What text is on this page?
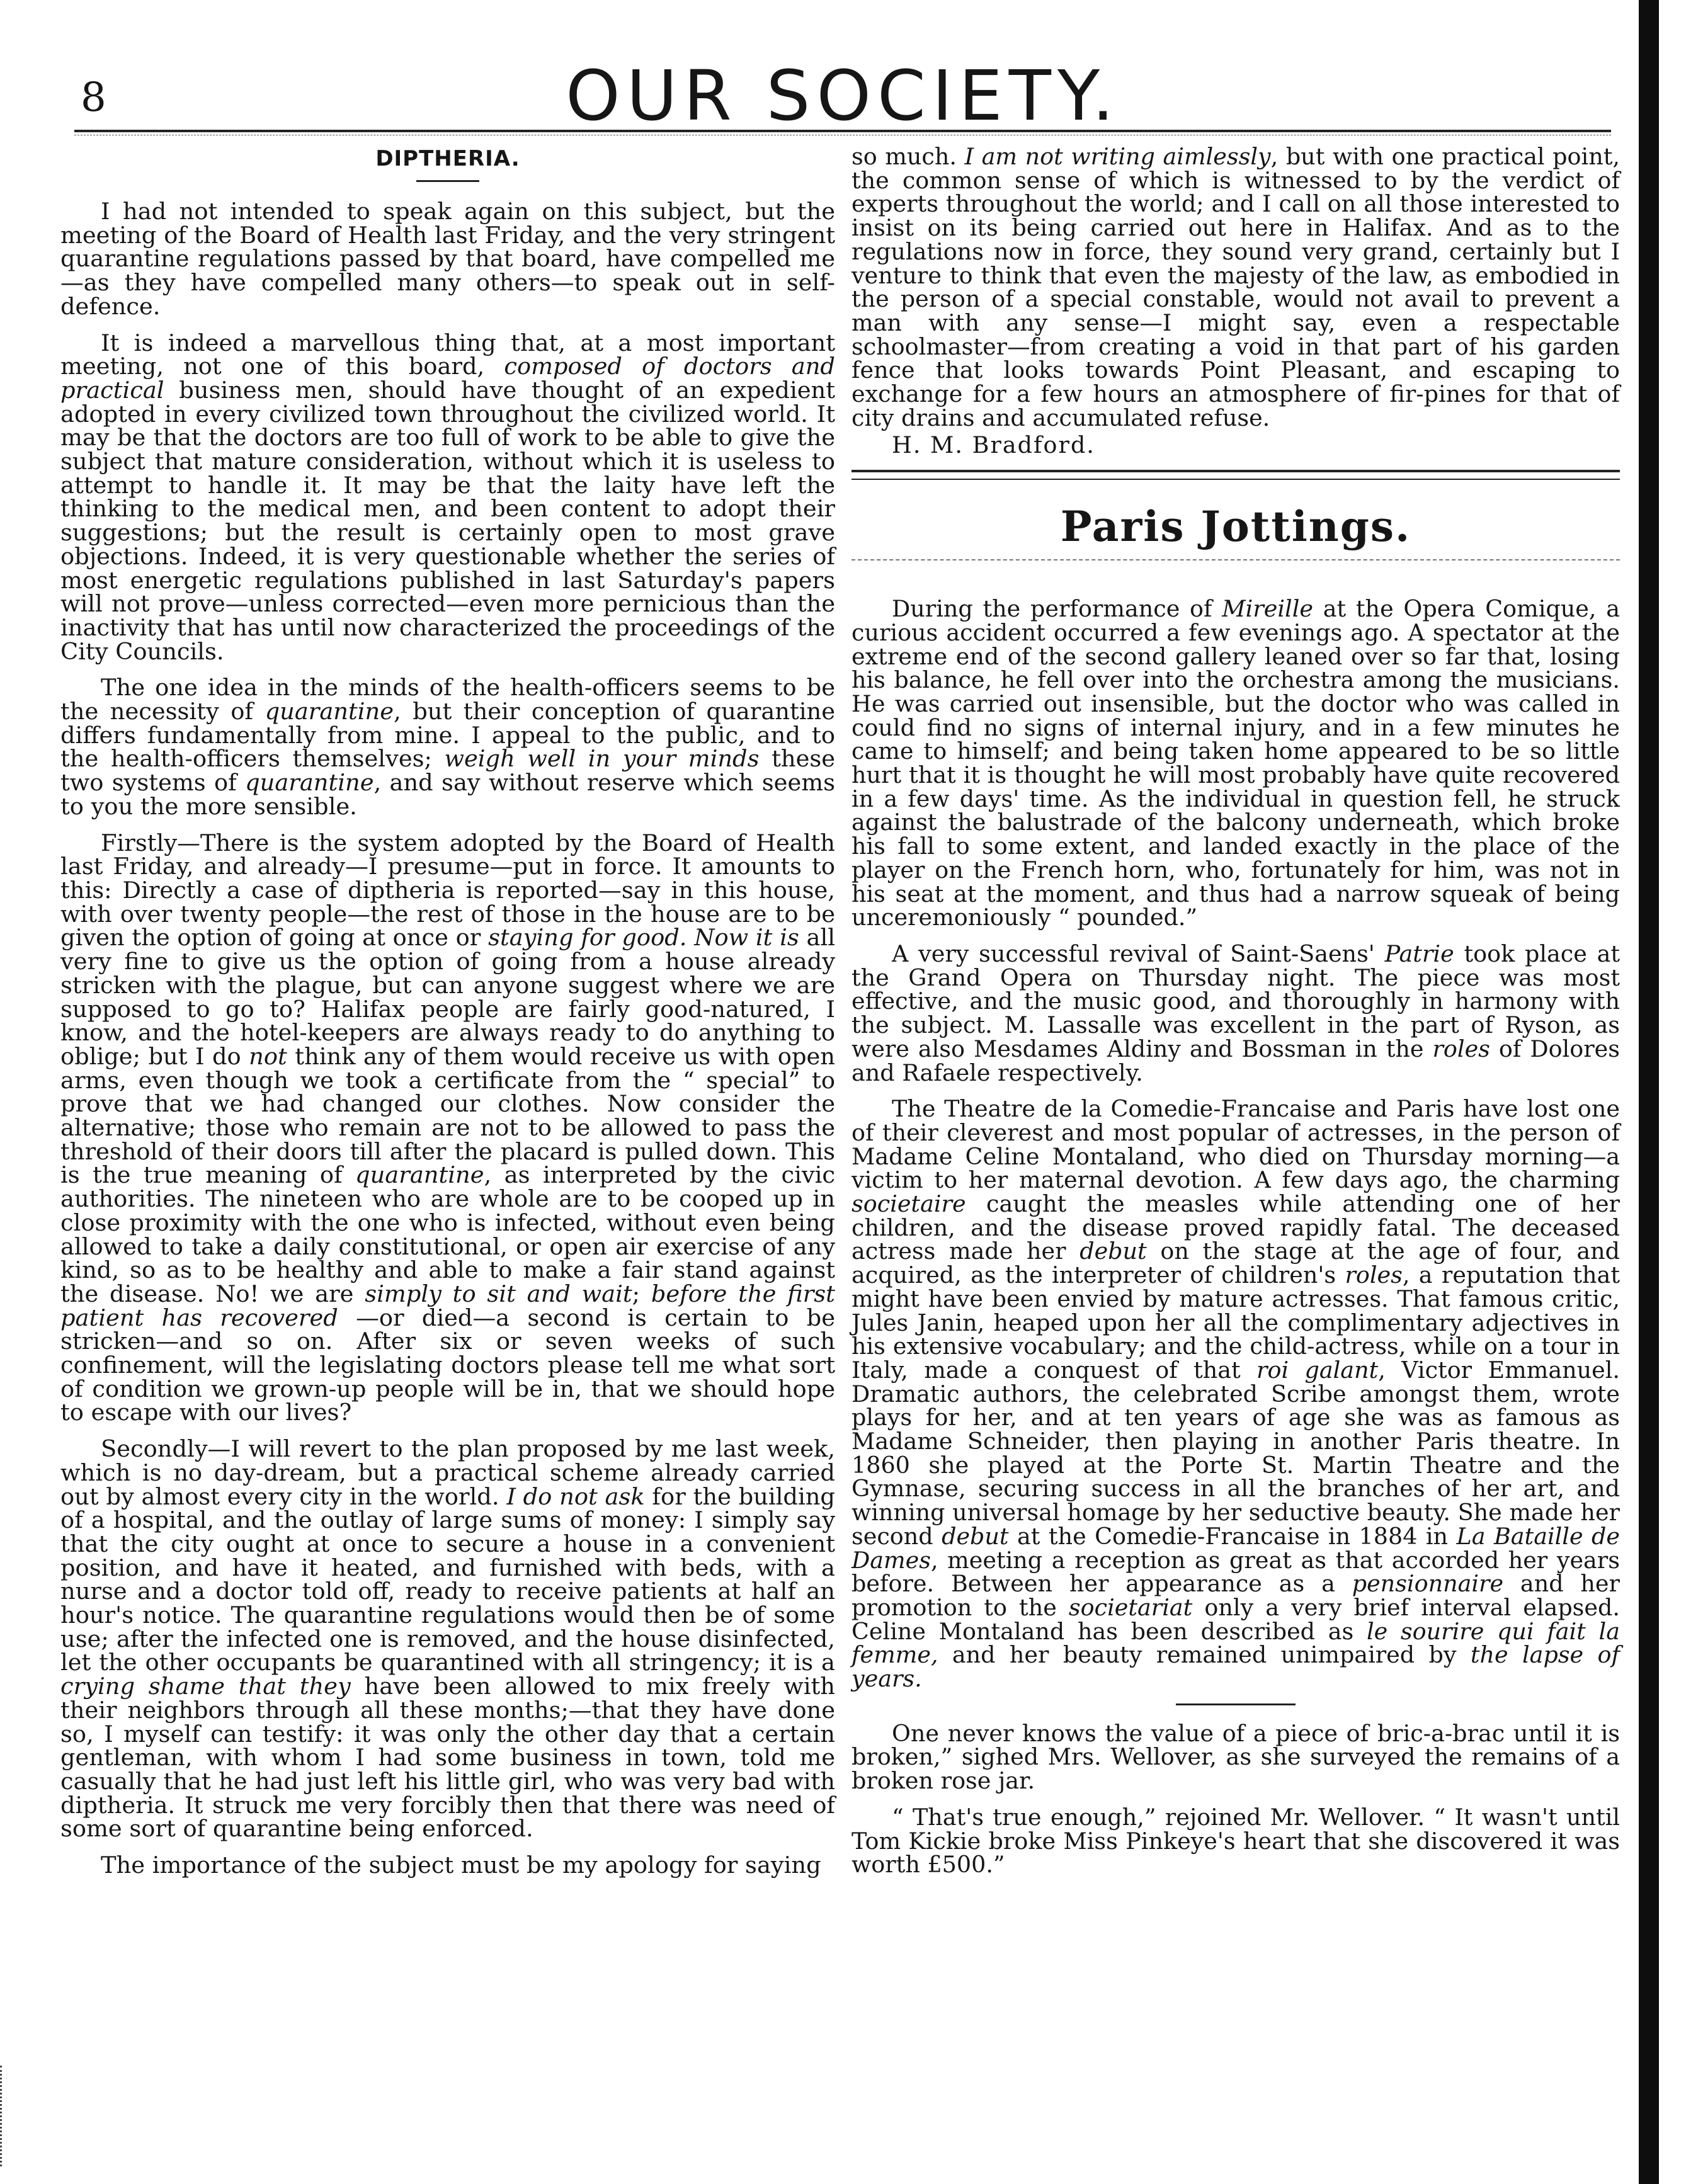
8	OUR SOCIETY.
DIPTHERIA.

I had not intended to speak again on this subject, but the meeting of the Board of Health last Friday, and the very stringent quarantine regulations passed by that board, have compelled me—as they have compelled many others—to speak out in self-defence.

It is indeed a marvellous thing that, at a most important meeting, not one of this board, composed of doctors and practical business men, should have thought of an expedient adopted in every civilized town throughout the civilized world. It may be that the doctors are too full of work to be able to give the subject that mature consideration, without which it is useless to attempt to handle it. It may be that the laity have left the thinking to the medical men, and been content to adopt their suggestions; but the result is certainly open to most grave objections. Indeed, it is very questionable whether the series of most energetic regulations published in last Saturday's papers will not prove—unless corrected—even more pernicious than the inactivity that has until now characterized the proceedings of the City Councils.

The one idea in the minds of the health-officers seems to be the necessity of quarantine, but their conception of quarantine differs fundamentally from mine. I appeal to the public, and to the health-officers themselves; weigh well in your minds these two systems of quarantine, and say without reserve which seems to you the more sensible.

Firstly—There is the system adopted by the Board of Health last Friday, and already—I presume—put in force. It amounts to this: Directly a case of diptheria is reported—say in this house, with over twenty people—the rest of those in the house are to be given the option of going at once or staying for good. Now it is all very fine to give us the option of going from a house already stricken with the plague, but can anyone suggest where we are supposed to go to? Halifax people are fairly good-natured, I know, and the hotel-keepers are always ready to do anything to oblige; but I do not think any of them would receive us with open arms, even though we took a certificate from the “ special” to prove that we had changed our clothes. Now consider the alternative; those who remain are not to be allowed to pass the threshold of their doors till after the placard is pulled down. This is the true meaning of quarantine, as interpreted by the civic authorities. The nineteen who are whole are to be cooped up in close proximity with the one who is infected, without even being allowed to take a daily constitutional, or open air exercise of any kind, so as to be healthy and able to make a fair stand against the disease. No! we are simply to sit and wait; before the first patient has recovered —or died—a second is certain to be stricken—and so on. After six or seven weeks of such confinement, will the legislating doctors please tell me what sort of condition we grown-up people will be in, that we should hope to escape with our lives?

Secondly—I will revert to the plan proposed by me last week, which is no day-dream, but a practical scheme already carried out by almost every city in the world. I do not ask for the building of a hospital, and the outlay of large sums of money: I simply say that the city ought at once to secure a house in a convenient position, and have it heated, and furnished with beds, with a nurse and a doctor told off, ready to receive patients at half an hour's notice. The quarantine regulations would then be of some use; after the infected one is removed, and the house disinfected, let the other occupants be quarantined with all stringency; it is a crying shame that they have been allowed to mix freely with their neighbors through all these months;—that they have done so, I myself can testify: it was only the other day that a certain gentleman, with whom I had some business in town, told me casually that he had just left his little girl, who was very bad with diptheria. It struck me very forcibly then that there was need of some sort of quarantine being enforced.

The importance of the subject must be my apology for saying

so much. I am not writing aimlessly, but with one practical point, the common sense of which is witnessed to by the verdict of experts throughout the world; and I call on all those interested to insist on its being carried out here in Halifax. And as to the regulations now in force, they sound very grand, certainly but I venture to think that even the majesty of the law, as embodied in the person of a special constable, would not avail to prevent a man with any sense—I might say, even a respectable schoolmaster—from creating a void in that part of his garden fence that looks towards Point Pleasant, and escaping to exchange for a few hours an atmosphere of fir-pines for that of city drains and accumulated refuse.

H. M. Bradford.

Paris Jottings.

During the performance of Mireille at the Opera Comique, a curious accident occurred a few evenings ago. A spectator at the extreme end of the second gallery leaned over so far that, losing his balance, he fell over into the orchestra among the musicians. He was carried out insensible, but the doctor who was called in could find no signs of internal injury, and in a few minutes he came to himself; and being taken home appeared to be so little hurt that it is thought he will most probably have quite recovered in a few days' time. As the individual in question fell, he struck against the balustrade of the balcony underneath, which broke his fall to some extent, and landed exactly in the place of the player on the French horn, who, fortunately for him, was not in his seat at the moment, and thus had a narrow squeak of being unceremoniously “ pounded.”

A very successful revival of Saint-Saens' Patrie took place at the Grand Opera on Thursday night. The piece was most effective, and the music good, and thoroughly in harmony with the subject. M. Lassalle was excellent in the part of Ryson, as were also Mesdames Aldiny and Bossman in the roles of Dolores and Rafaele respectively.

The Theatre de la Comedie-Francaise and Paris have lost one of their cleverest and most popular of actresses, in the person of Madame Celine Montaland, who died on Thursday morning—a victim to her maternal devotion. A few days ago, the charming societaire caught the measles while attending one of her children, and the disease proved rapidly fatal. The deceased actress made her debut on the stage at the age of four, and acquired, as the interpreter of children's roles, a reputation that might have been envied by mature actresses. That famous critic, Jules Janin, heaped upon her all the complimentary adjectives in his extensive vocabulary; and the child-actress, while on a tour in Italy, made a conquest of that roi galant, Victor Emmanuel. Dramatic authors, the celebrated Scribe amongst them, wrote plays for her, and at ten years of age she was as famous as Madame Schneider, then playing in another Paris theatre. In 1860 she played at the Porte St. Martin Theatre and the Gymnase, securing success in all the branches of her art, and winning universal homage by her seductive beauty. She made her second debut at the Comedie-Francaise in 1884 in La Bataille de Dames, meeting a reception as great as that accorded her years before. Between her appearance as a pensionnaire and her promotion to the societariat only a very brief interval elapsed. Celine Montaland has been described as le sourire qui fait la femme, and her beauty remained unimpaired by the lapse of years.

One never knows the value of a piece of bric-a-brac until it is broken,” sighed Mrs. Wellover, as she surveyed the remains of a broken rose jar.

“ That's true enough,” rejoined Mr. Wellover. “ It wasn't until Tom Kickie broke Miss Pinkeye's heart that she discovered it was worth £500.”
